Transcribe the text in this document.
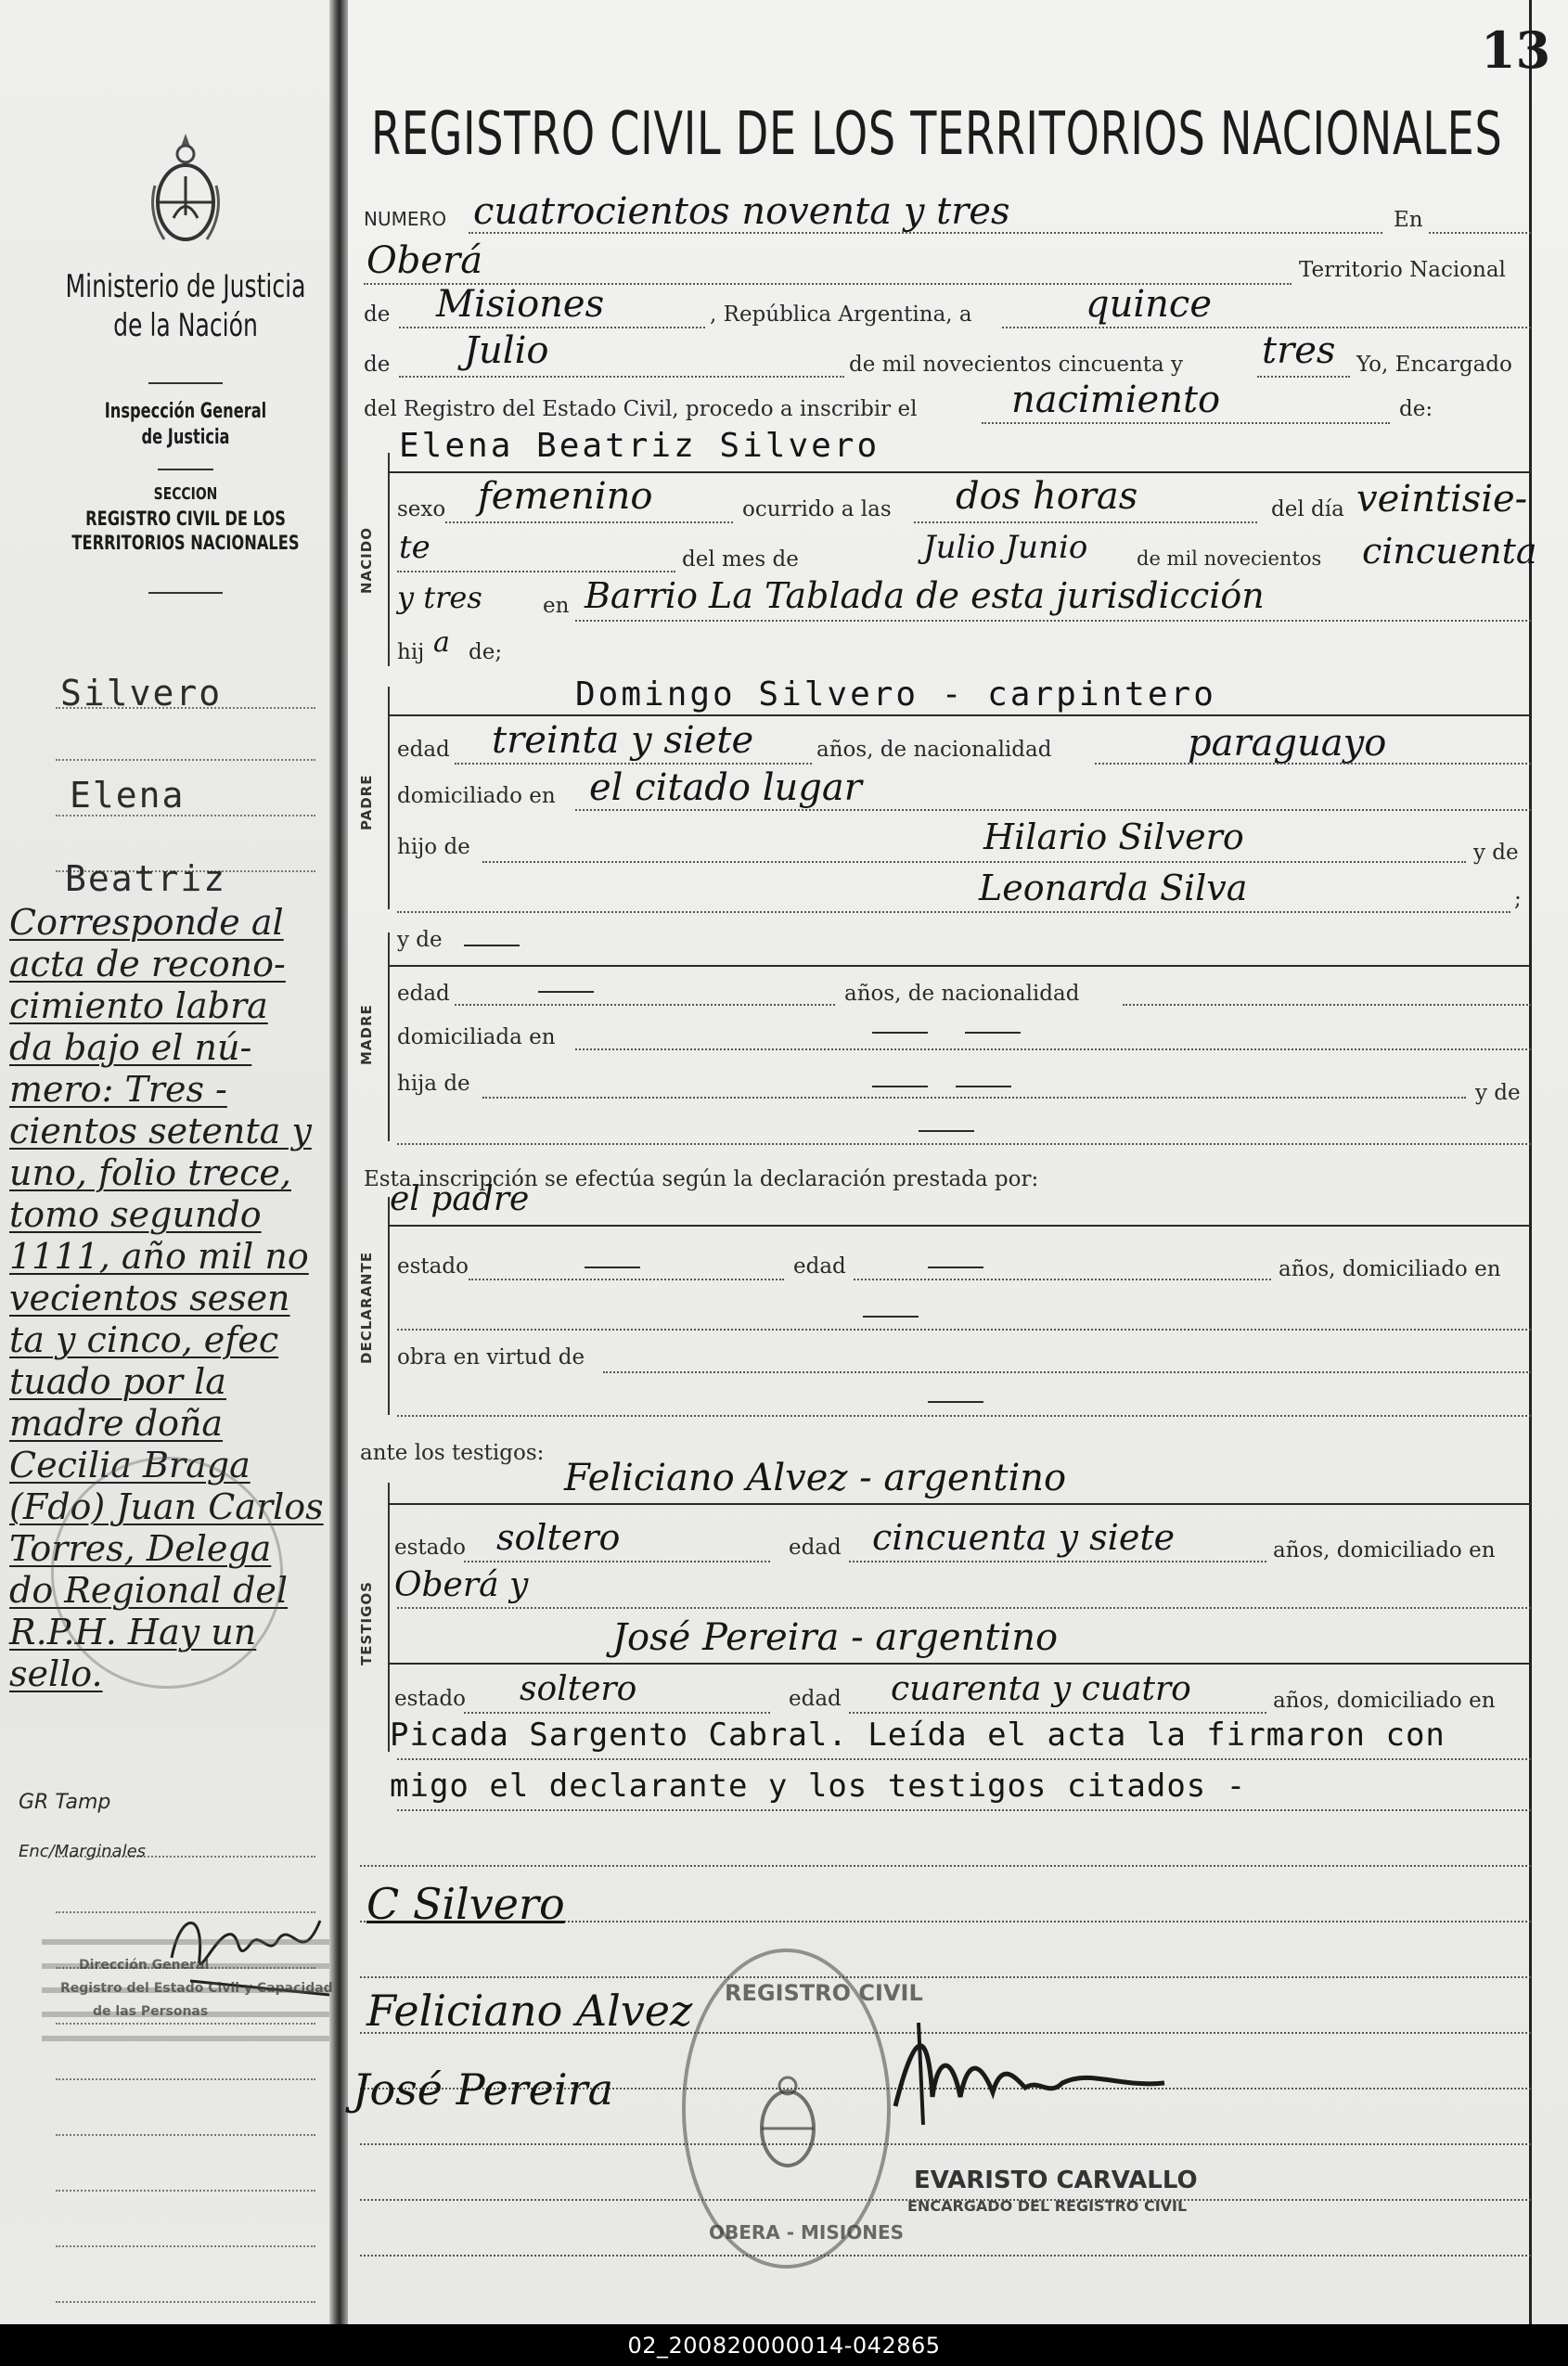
13
Ministerio de Justicia
de la Nación
Inspección General
de Justicia
SECCION
REGISTRO CIVIL DE LOS
TERRITORIOS NACIONALES
Silvero
Elena
Beatriz
Corresponde al
acta de recono-
cimiento labra
da bajo el nú-
mero: Tres -
cientos setenta y
uno, folio trece,
tomo segundo
1111, año mil no
vecientos sesen
ta y cinco, efec
tuado por la
madre doña
Cecilia Braga
(Fdo) Juan Carlos
Torres, Delega
do Regional del
R.P.H. Hay un
sello.
GR Tamp
Enc/Marginales
Dirección General
Registro del Estado Civil y Capacidad
de las Personas
REGISTRO CIVIL DE LOS TERRITORIOS NACIONALES
NUMERO cuatrocientos noventa y tres	En
Oberá	Territorio Nacional
de Misiones	, República Argentina, a	quince
de Julio	de mil novecientos cincuenta y tres Yo, Encargado
del Registro del Estado Civil, procedo a inscribir el	nacimiento	de:
NACIDO
Elena Beatriz Silvero
sexo femenino	ocurrido a las dos horas	del día veintisie-
te	del mes de	Julio Junio	de mil novecientos cincuenta
y tres	en Barrio La Tablada de esta jurisdicción
hij a de;
PADRE
Domingo Silvero - carpintero
edad treinta y siete	años, de nacionalidad	paraguayo
domiciliado en el citado lugar
hijo de	Hilario Silvero	y de
Leonarda Silva	;
MADRE
y de
edad	años, de nacionalidad
domiciliada en
hija de	y de
Esta inscripción se efectúa según la declaración prestada por:
DECLARANTE
el padre
estado	edad	años, domiciliado en
obra en virtud de
ante los testigos:
TESTIGOS
Feliciano Alvez - argentino
estado soltero	edad cincuenta y siete	años, domiciliado en
Oberá y
José Pereira - argentino
estado soltero	edad cuarenta y cuatro	años, domiciliado en
Picada Sargento Cabral. Leída el acta la firmaron con
migo el declarante y los testigos citados -
C Silvero
Feliciano Alvez
José Pereira
REGISTRO CIVIL
OBERA - MISIONES
EVARISTO CARVALLO
ENCARGADO DEL REGISTRO CIVIL
02_200820000014-042865
